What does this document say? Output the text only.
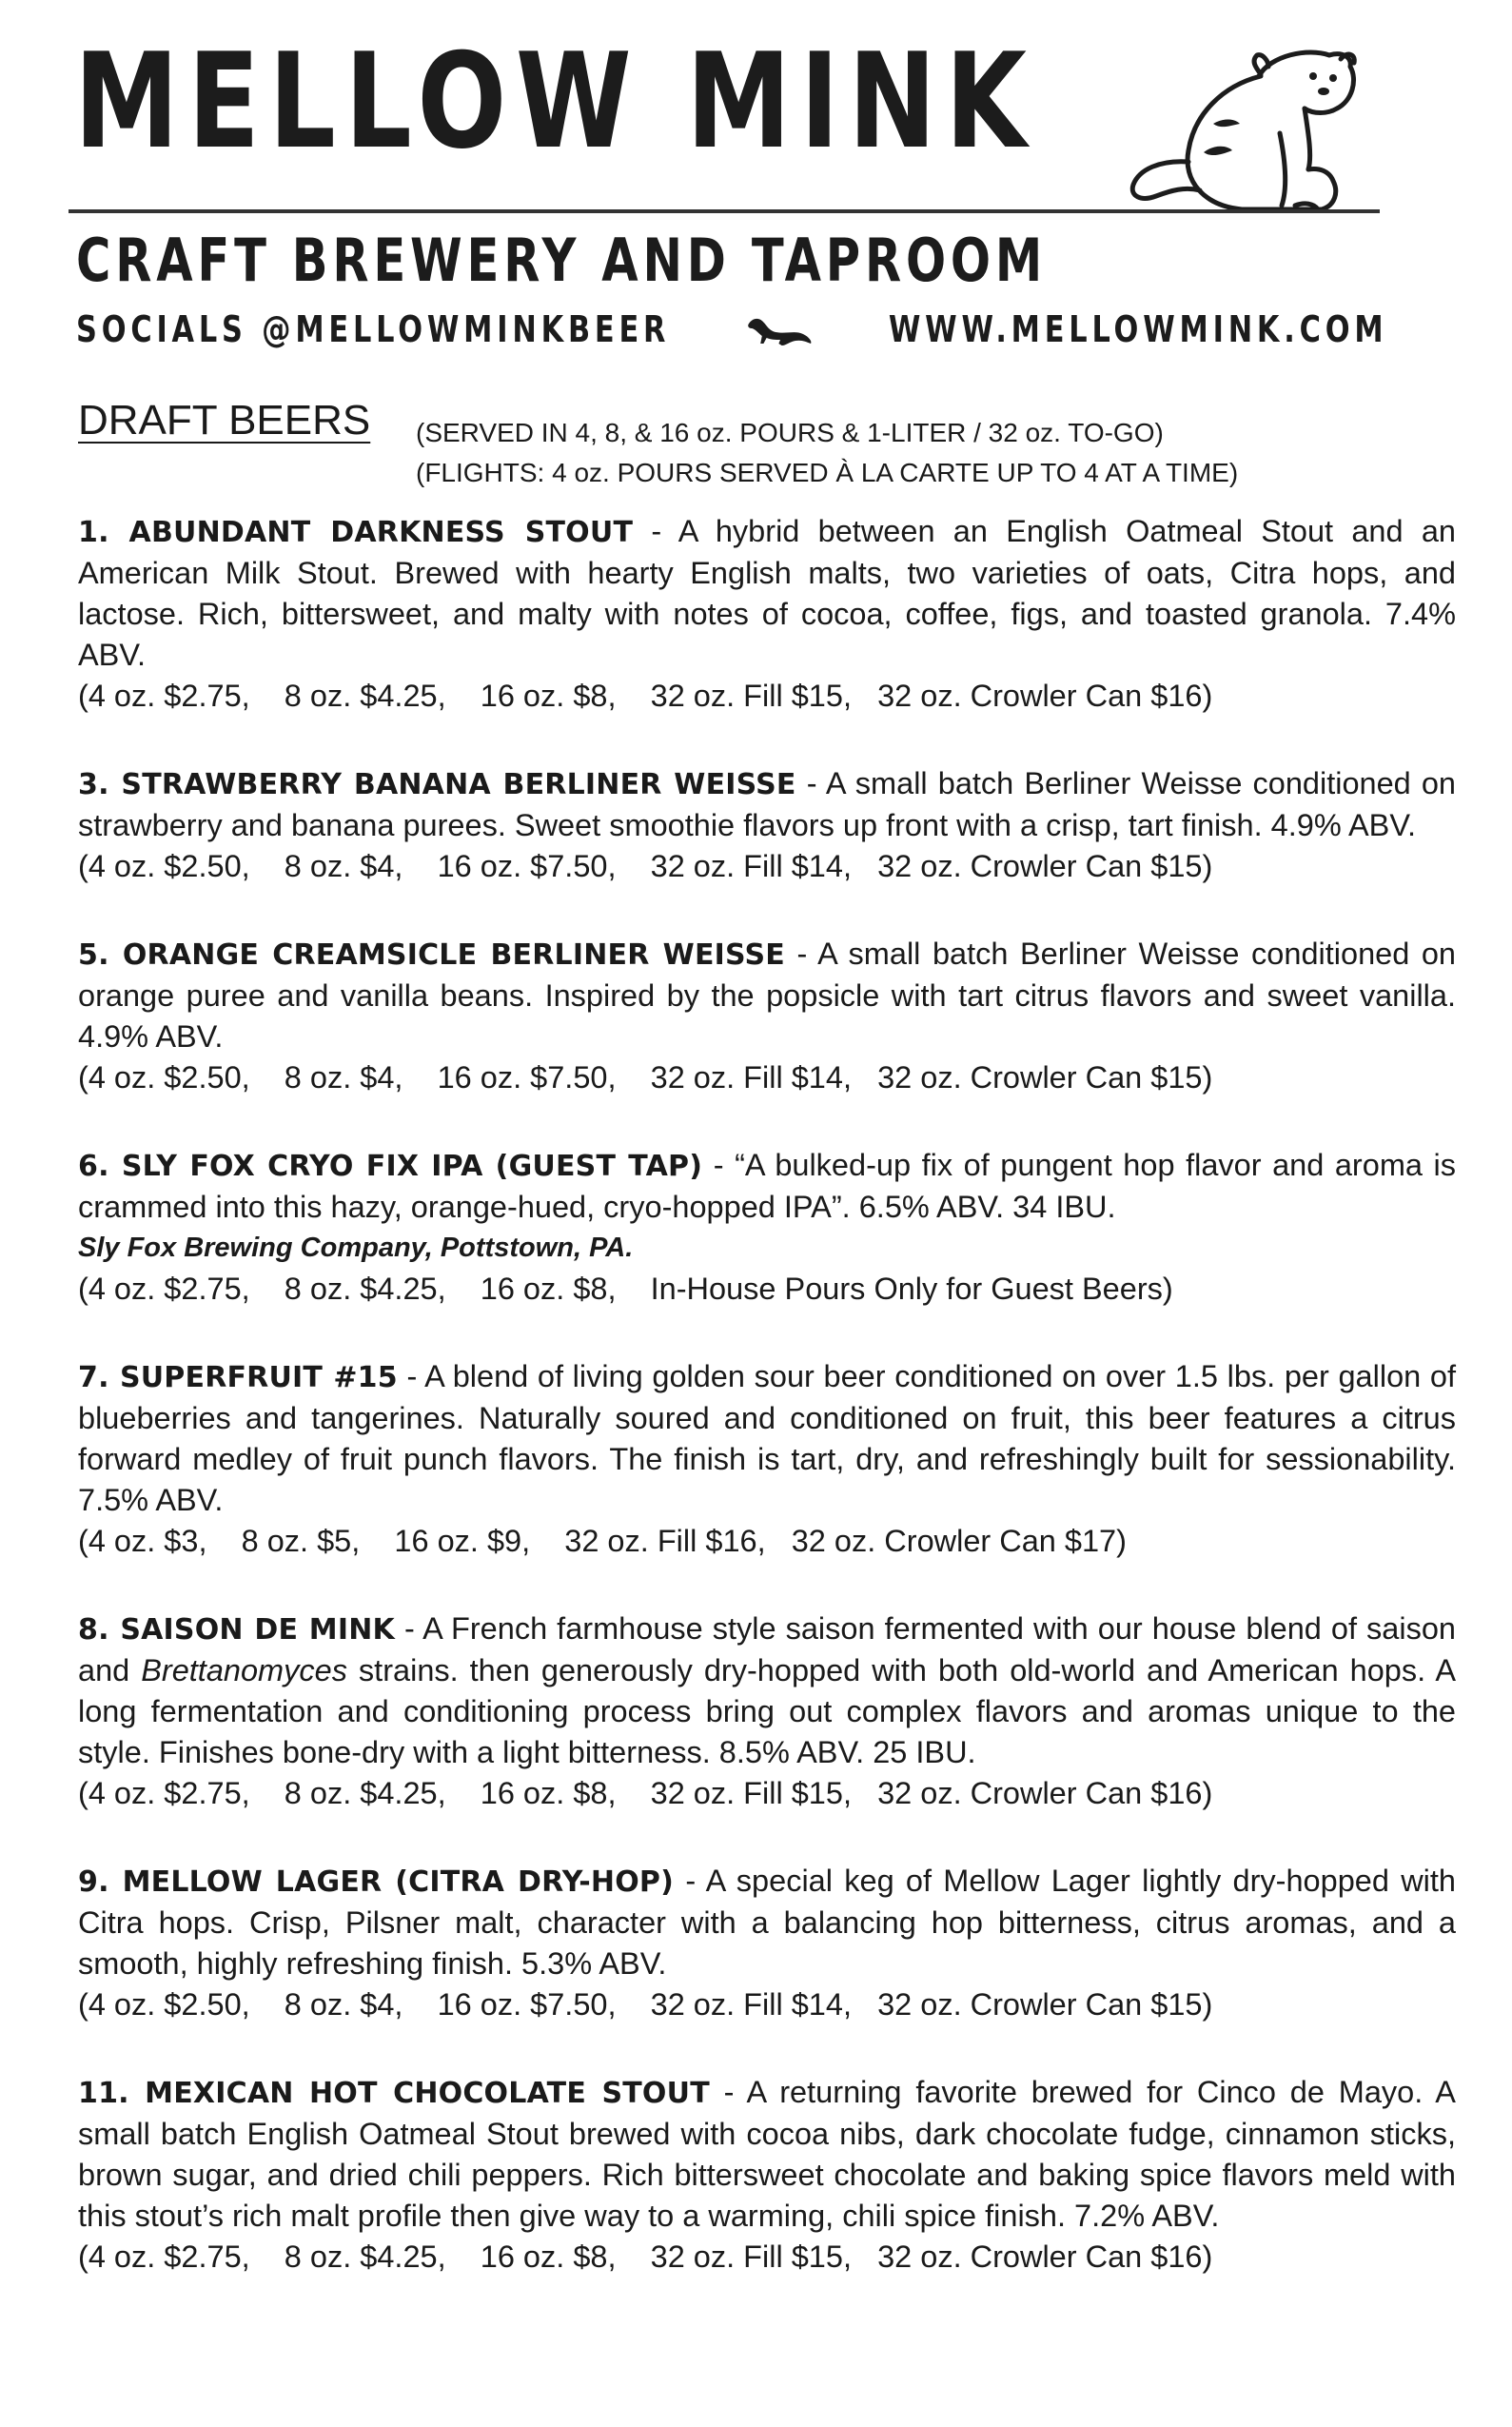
MELLOW MINK
CRAFT BREWERY AND TAPROOM
SOCIALS @MELLOWMINKBEER	WWW.MELLOWMINK.COM
DRAFT BEERS (SERVED IN 4, 8, & 16 oz. POURS & 1-LITER / 32 oz. TO-GO)
(FLIGHTS: 4 oz. POURS SERVED À LA CARTE UP TO 4 AT A TIME)
1. ABUNDANT DARKNESS STOUT - A hybrid between an English Oatmeal Stout and an American Milk Stout. Brewed with hearty English malts, two varieties of oats, Citra hops, and lactose. Rich, bittersweet, and malty with notes of cocoa, coffee, figs, and toasted granola. 7.4% ABV.
(4 oz. $2.75,    8 oz. $4.25,    16 oz. $8,    32 oz. Fill $15,   32 oz. Crowler Can $16)
3. STRAWBERRY BANANA BERLINER WEISSE - A small batch Berliner Weisse conditioned on strawberry and banana purees. Sweet smoothie flavors up front with a crisp, tart finish. 4.9% ABV.
(4 oz. $2.50,    8 oz. $4,    16 oz. $7.50,    32 oz. Fill $14,   32 oz. Crowler Can $15)
5. ORANGE CREAMSICLE BERLINER WEISSE - A small batch Berliner Weisse conditioned on orange puree and vanilla beans. Inspired by the popsicle with tart citrus flavors and sweet vanilla. 4.9% ABV.
(4 oz. $2.50,    8 oz. $4,    16 oz. $7.50,    32 oz. Fill $14,   32 oz. Crowler Can $15)
6. SLY FOX CRYO FIX IPA (GUEST TAP) - “A bulked-up fix of pungent hop flavor and aroma is crammed into this hazy, orange-hued, cryo-hopped IPA”. 6.5% ABV. 34 IBU.
Sly Fox Brewing Company, Pottstown, PA.
(4 oz. $2.75,    8 oz. $4.25,    16 oz. $8,    In-House Pours Only for Guest Beers)
7. SUPERFRUIT #15 - A blend of living golden sour beer conditioned on over 1.5 lbs. per gallon of blueberries and tangerines. Naturally soured and conditioned on fruit, this beer features a citrus forward medley of fruit punch flavors. The finish is tart, dry, and refreshingly built for sessionability. 7.5% ABV.
(4 oz. $3,    8 oz. $5,    16 oz. $9,    32 oz. Fill $16,   32 oz. Crowler Can $17)
8. SAISON DE MINK - A French farmhouse style saison fermented with our house blend of saison and Brettanomyces strains. then generously dry-hopped with both old-world and American hops. A long fermentation and conditioning process bring out complex flavors and aromas unique to the style. Finishes bone-dry with a light bitterness. 8.5% ABV. 25 IBU.
(4 oz. $2.75,    8 oz. $4.25,    16 oz. $8,    32 oz. Fill $15,   32 oz. Crowler Can $16)
9. MELLOW LAGER (CITRA DRY-HOP) - A special keg of Mellow Lager lightly dry-hopped with Citra hops. Crisp, Pilsner malt, character with a balancing hop bitterness, citrus aromas, and a smooth, highly refreshing finish. 5.3% ABV.
(4 oz. $2.50,    8 oz. $4,    16 oz. $7.50,    32 oz. Fill $14,   32 oz. Crowler Can $15)
11. MEXICAN HOT CHOCOLATE STOUT - A returning favorite brewed for Cinco de Mayo. A small batch English Oatmeal Stout brewed with cocoa nibs, dark chocolate fudge, cinnamon sticks, brown sugar, and dried chili peppers. Rich bittersweet chocolate and baking spice flavors meld with this stout’s rich malt profile then give way to a warming, chili spice finish. 7.2% ABV.
(4 oz. $2.75,    8 oz. $4.25,    16 oz. $8,    32 oz. Fill $15,   32 oz. Crowler Can $16)
